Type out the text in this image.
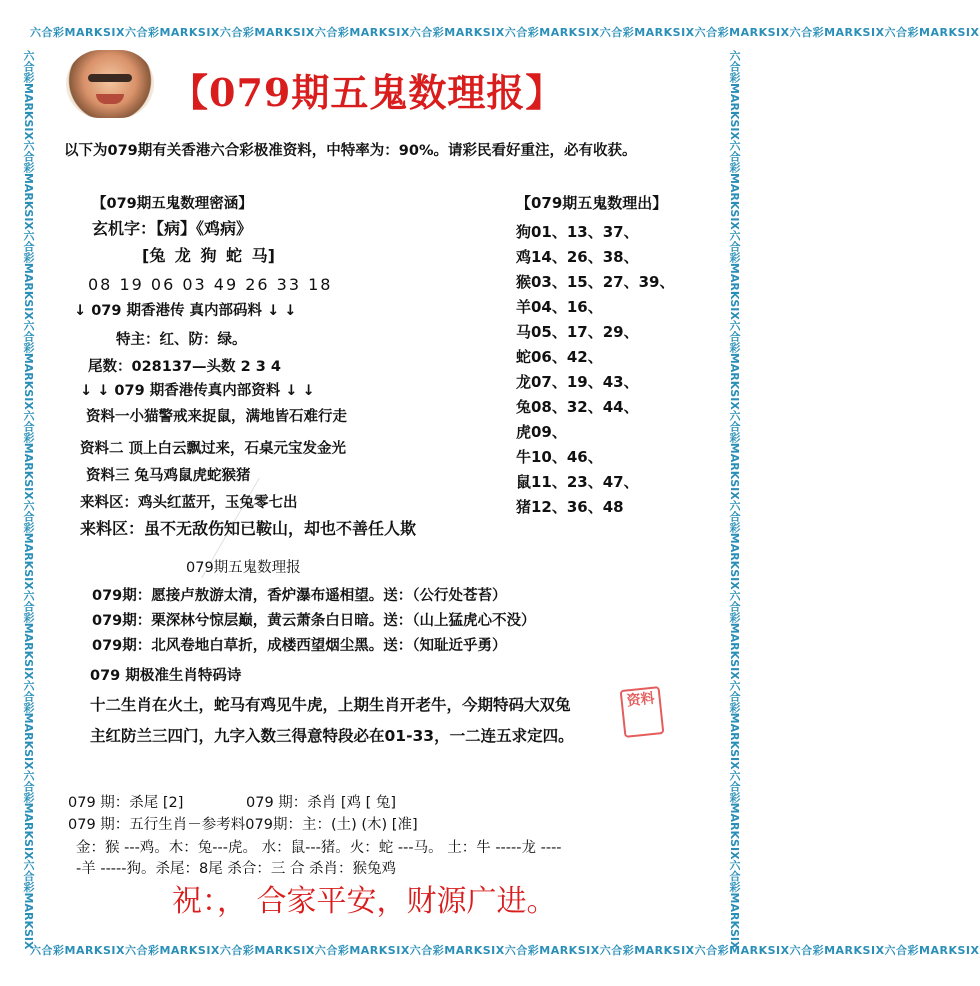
六合彩MARKSIX六合彩MARKSIX六合彩MARKSIX六合彩MARKSIX六合彩MARKSIX六合彩MARKSIX六合彩MARKSIX六合彩MARKSIX六合彩MARKSIX六合彩MARKSIX
六合彩MARKSIX六合彩MARKSIX六合彩MARKSIX六合彩MARKSIX六合彩MARKSIX六合彩MARKSIX六合彩MARKSIX六合彩MARKSIX六合彩MARKSIX六合彩MARKSIX
六合彩MARKSIX六合彩MARKSIX六合彩MARKSIX六合彩MARKSIX六合彩MARKSIX六合彩MARKSIX六合彩MARKSIX六合彩MARKSIX六合彩MARKSIX六合彩MARKSIX	六合彩MARKSIX六合彩MARKSIX六合彩MARKSIX六合彩MARKSIX六合彩MARKSIX六合彩MARKSIX六合彩MARKSIX六合彩MARKSIX六合彩MARKSIX六合彩MARKSIX
【079期五鬼数理报】
以下为079期有关香港六合彩极准资料，中特率为：90%。请彩民看好重注，必有收获。
【079期五鬼数理密涵】
玄机字：【病】《鸡病》
[兔 龙 狗 蛇 马]
08 19 06 03 49 26 33 18
↓ 079 期香港传 真内部码料 ↓ ↓
特主：红、防：绿。
尾数：028137—头数 2 3 4
↓ ↓ 079 期香港传真内部资料 ↓ ↓
资料一小猫警戒来捉鼠，满地皆石难行走
资料二 顶上白云飘过来，石桌元宝发金光
资料三 兔马鸡鼠虎蛇猴猪
来料区：鸡头红蓝开，玉兔零七出
来料区：虽不无敌伤知已鞍山，却也不善任人欺
【079期五鬼数理出】
狗01、13、37、
鸡14、26、38、
猴03、15、27、39、
羊04、16、
马05、17、29、
蛇06、42、
龙07、19、43、
兔08、32、44、
虎09、
牛10、46、
鼠11、23、47、
猪12、36、48
079期五鬼数理报
079期：愿接卢敖游太清，香炉瀑布遥相望。送：（公行处苍苔）
079期：栗深林兮惊层巅，黄云萧条白日暗。送：（山上猛虎心不没）
079期：北风卷地白草折，成楼西望烟尘黑。送：（知耻近乎勇）
079 期极准生肖特码诗
十二生肖在火土，蛇马有鸡见牛虎，上期生肖开老牛，今期特码大双兔
主红防兰三四门，九字入数三得意特段必在01-33，一二连五求定四。
资料
079 期：杀尾 [2]	079 期：杀肖 [鸡 [ 兔]
079 期：五行生肖－参考料079期：主：(土) (木) [准]
金：猴 ---鸡。木：兔---虎。 水：鼠---猪。火：蛇 ---马。 土：牛 -----龙 ----
-羊 -----狗。杀尾：8尾 杀合：三 合 杀肖：猴兔鸡
祝：， 合家平安，财源广进。
